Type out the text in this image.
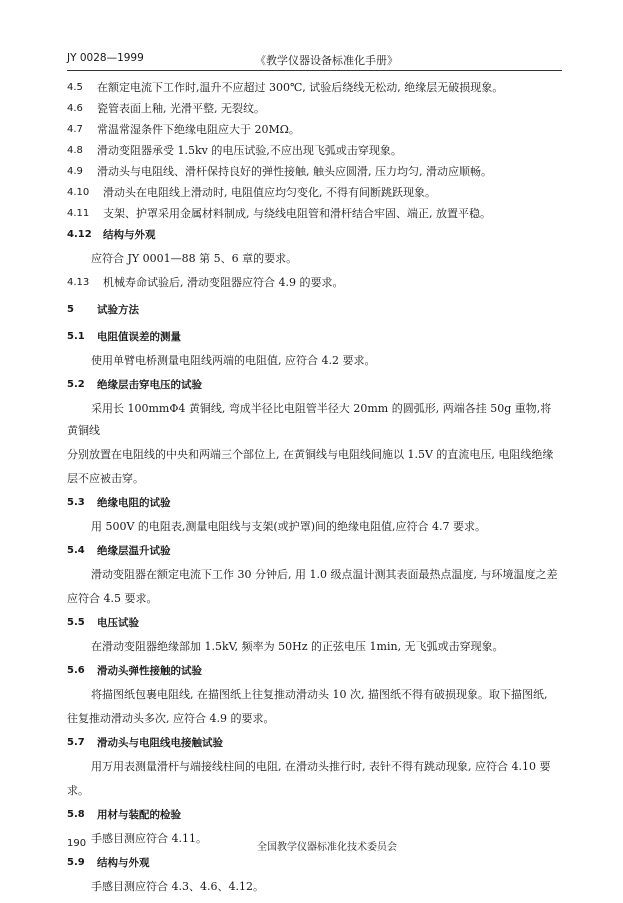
JY 0028—1999	《教学仪器设备标准化手册》
4.5	在额定电流下工作时,温升不应超过 300℃, 试验后绕线无松动, 绝缘层无破损现象。
4.6	瓷管表面上釉, 光滑平整, 无裂纹。
4.7	常温常湿条件下绝缘电阻应大于 20MΩ。
4.8	滑动变阻器承受 1.5kv 的电压试验,不应出现飞弧或击穿现象。
4.9	滑动头与电阻线、滑杆保持良好的弹性接触, 触头应圆滑, 压力均匀, 滑动应顺畅。
4.10	滑动头在电阻线上滑动时, 电阻值应均匀变化, 不得有间断跳跃现象。
4.11	支架、护罩采用金属材料制成, 与绕线电阻管和滑杆结合牢固、端正, 放置平稳。
4.12	结构与外观
应符合 JY 0001—88 第 5、6 章的要求。
4.13	机械寿命试验后, 滑动变阻器应符合 4.9 的要求。
5	试验方法
5.1	电阻值误差的测量
使用单臂电桥测量电阻线两端的电阻值, 应符合 4.2 要求。
5.2	绝缘层击穿电压的试验
采用长 100mmΦ4 黄铜线, 弯成半径比电阻管半径大 20mm 的圆弧形, 两端各挂 50g 重物,将黄铜线
分别放置在电阻线的中央和两端三个部位上, 在黄铜线与电阻线间施以 1.5V 的直流电压, 电阻线绝缘
层不应被击穿。
5.3	绝缘电阻的试验
用 500V 的电阻表,测量电阻线与支架(或护罩)间的绝缘电阻值,应符合 4.7 要求。
5.4	绝缘层温升试验
滑动变阻器在额定电流下工作 30 分钟后, 用 1.0 级点温计测其表面最热点温度, 与环境温度之差
应符合 4.5 要求。
5.5	电压试验
在滑动变阻器绝缘部加 1.5kV, 频率为 50Hz 的正弦电压 1min, 无飞弧或击穿现象。
5.6	滑动头弹性接触的试验
将描图纸包裹电阻线, 在描图纸上往复推动滑动头 10 次, 描图纸不得有破损现象。取下描图纸,
往复推动滑动头多次, 应符合 4.9 的要求。
5.7	滑动头与电阻线电接触试验
用万用表测量滑杆与端接线柱间的电阻, 在滑动头推行时, 表针不得有跳动现象, 应符合 4.10 要
求。
5.8	用材与装配的检验
手感目测应符合 4.11。
5.9	结构与外观
手感目测应符合 4.3、4.6、4.12。
190	全国教学仪器标准化技术委员会
